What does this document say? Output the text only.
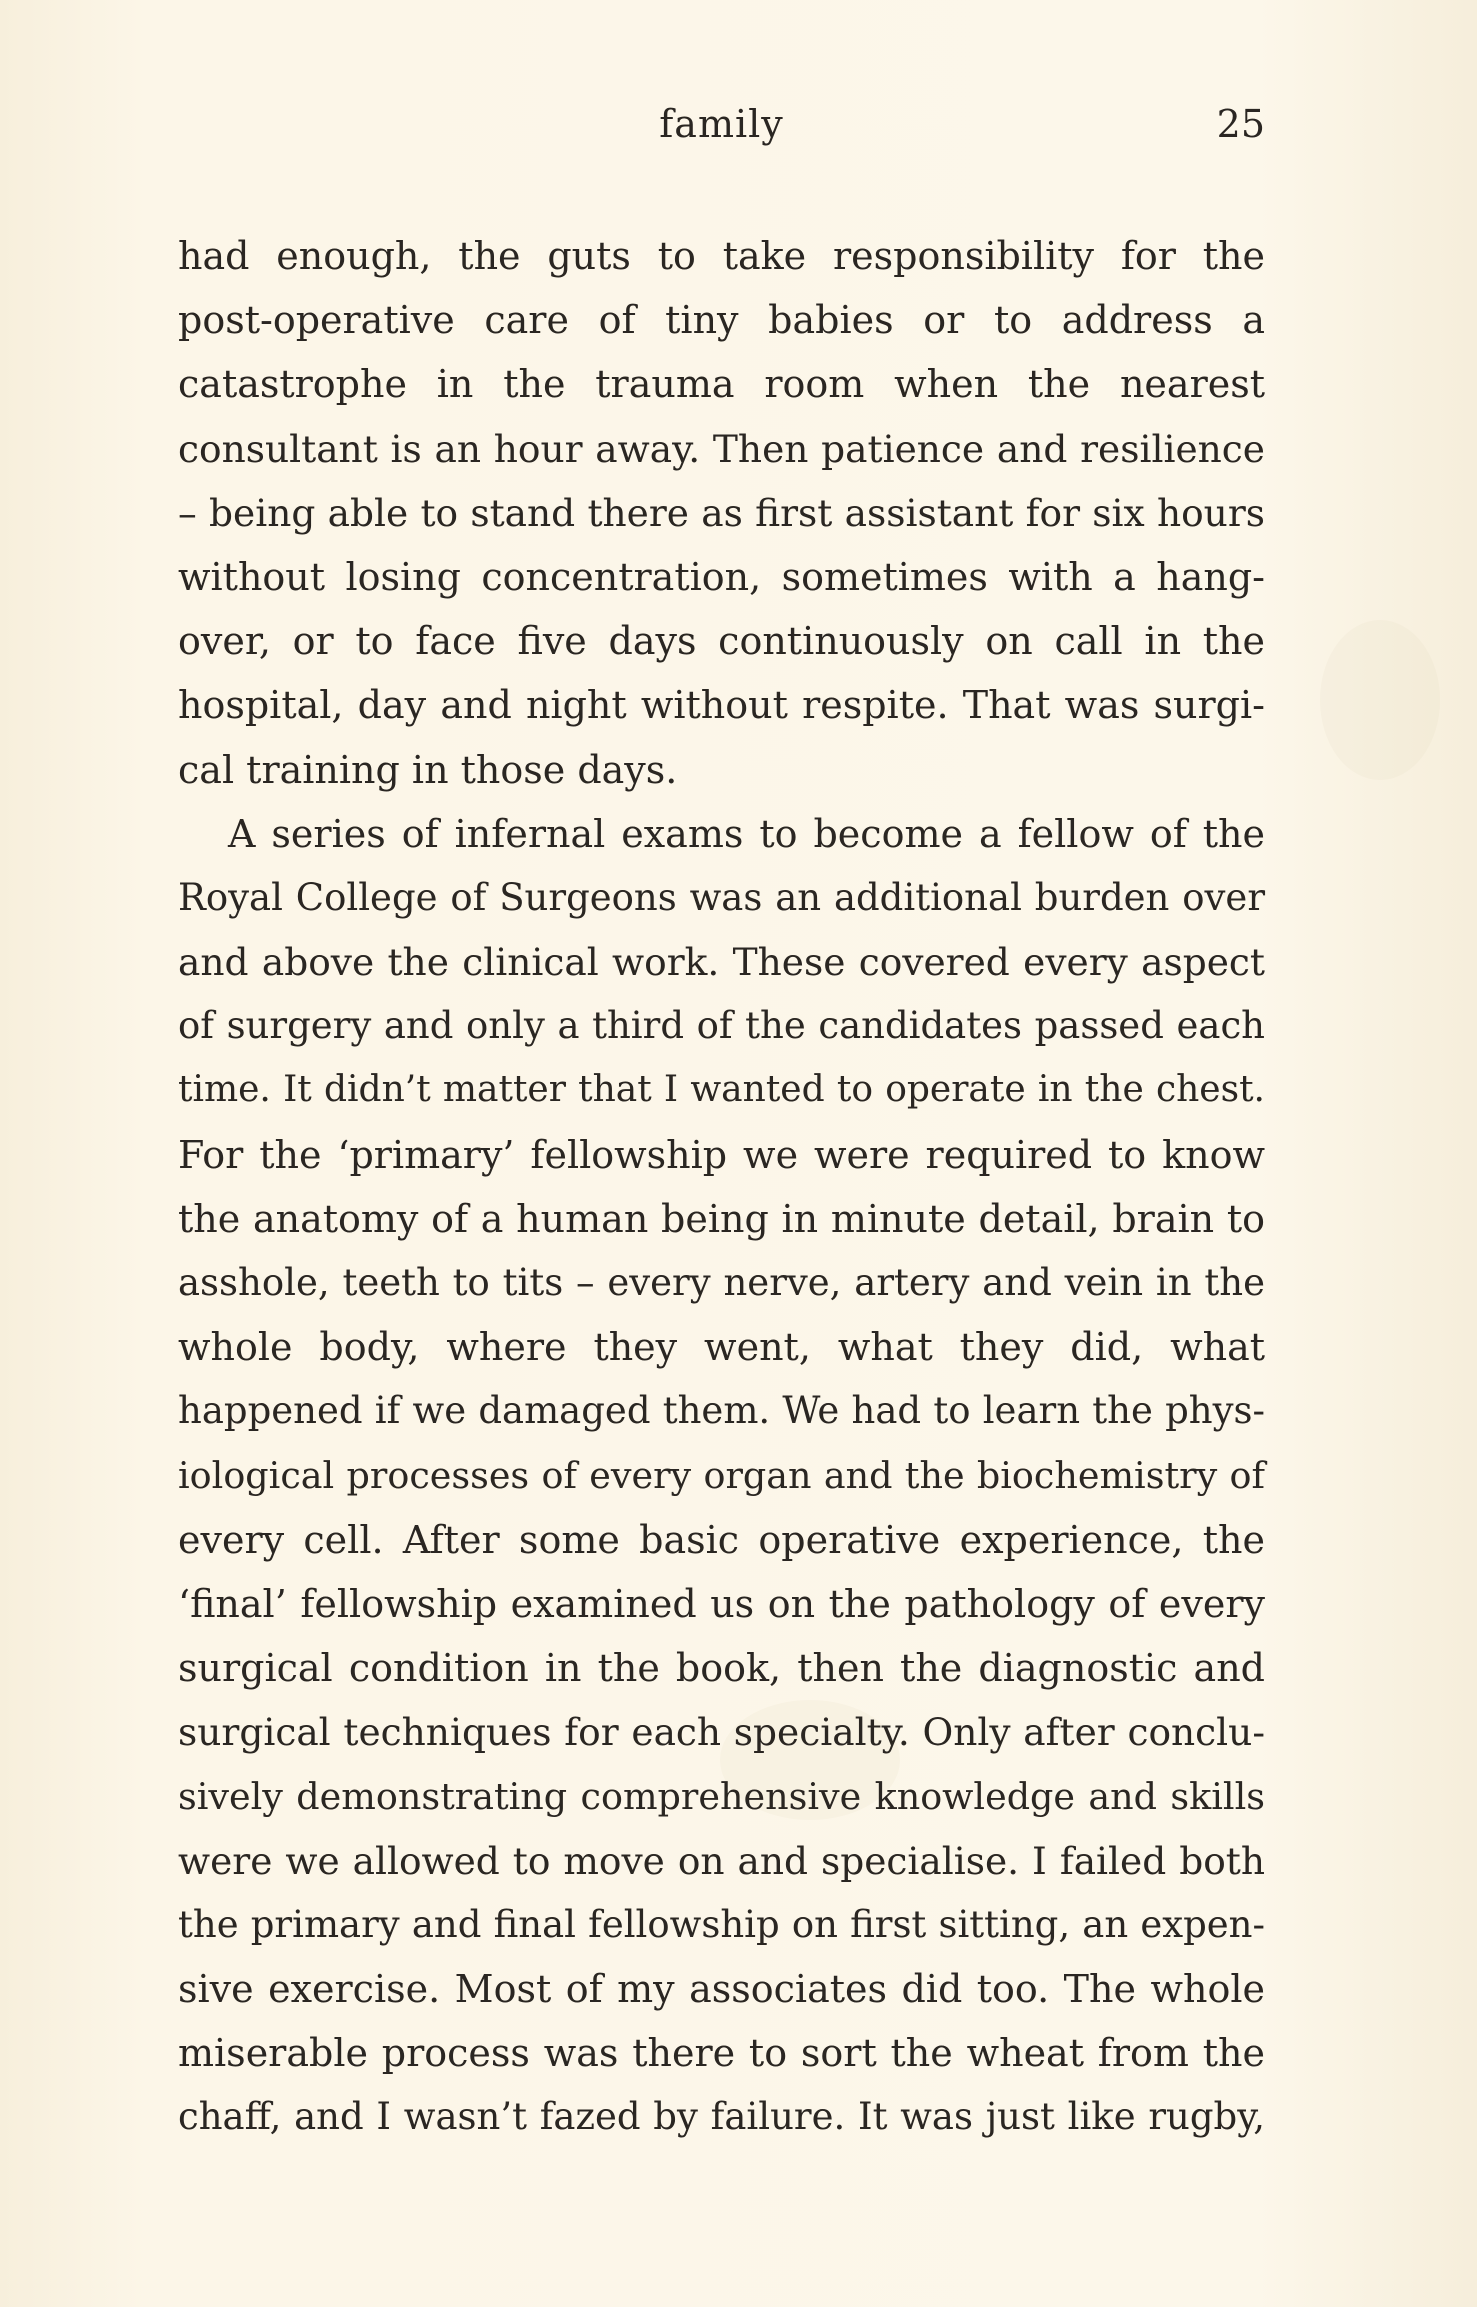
family	25
had enough, the guts to take responsibility for the
post-operative care of tiny babies or to address a
catastrophe in the trauma room when the nearest
consultant is an hour away. Then patience and resilience
– being able to stand there as first assistant for six hours
without losing concentration, sometimes with a hang-
over, or to face five days continuously on call in the
hospital, day and night without respite. That was surgi-
cal training in those days.
A series of infernal exams to become a fellow of the
Royal College of Surgeons was an additional burden over
and above the clinical work. These covered every aspect
of surgery and only a third of the candidates passed each
time. It didn’t matter that I wanted to operate in the chest.
For the ‘primary’ fellowship we were required to know
the anatomy of a human being in minute detail, brain to
asshole, teeth to tits – every nerve, artery and vein in the
whole body, where they went, what they did, what
happened if we damaged them. We had to learn the phys-
iological processes of every organ and the biochemistry of
every cell. After some basic operative experience, the
‘final’ fellowship examined us on the pathology of every
surgical condition in the book, then the diagnostic and
surgical techniques for each specialty. Only after conclu-
sively demonstrating comprehensive knowledge and skills
were we allowed to move on and specialise. I failed both
the primary and final fellowship on first sitting, an expen-
sive exercise. Most of my associates did too. The whole
miserable process was there to sort the wheat from the
chaff, and I wasn’t fazed by failure. It was just like rugby,
